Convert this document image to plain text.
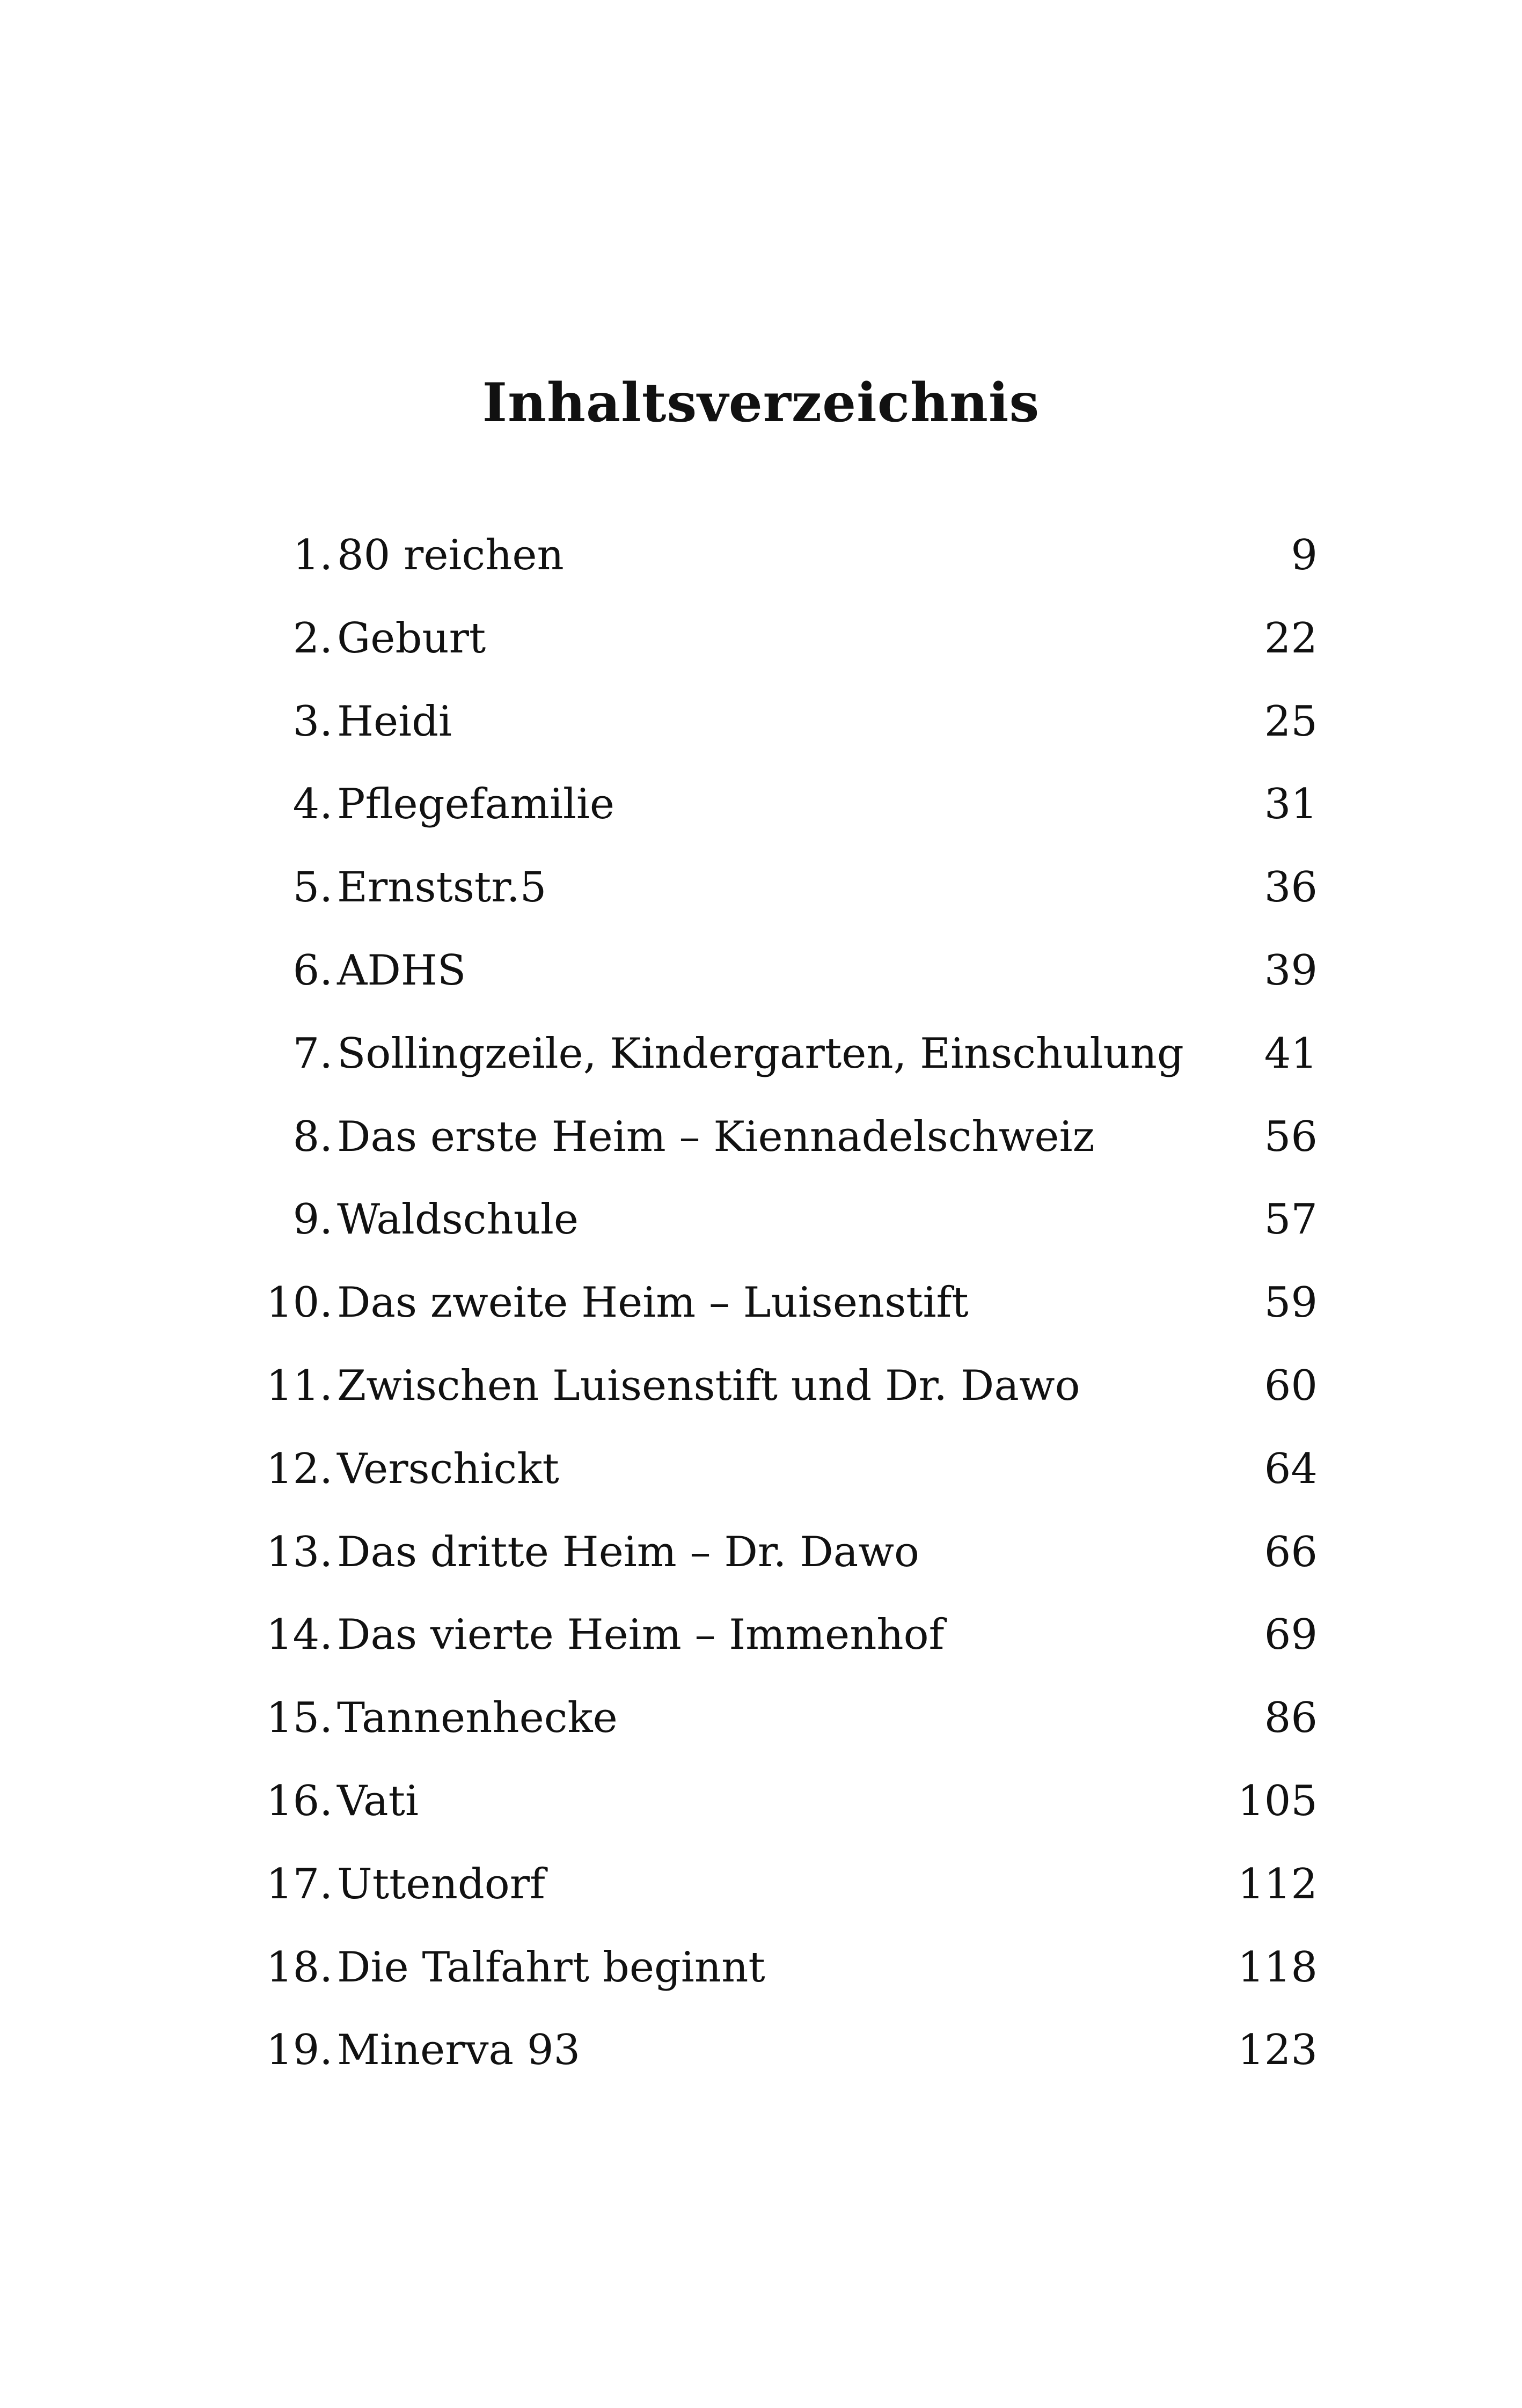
Inhaltsverzeichnis
1. 80 reichen	9
2. Geburt	22
3. Heidi	25
4. Pflegefamilie	31
5. Ernststr.5	36
6. ADHS	39
7. Sollingzeile, Kindergarten, Einschulung 41
8. Das erste Heim – Kiennadelschweiz	56
9. Waldschule	57
10. Das zweite Heim – Luisenstift	59
11. Zwischen Luisenstift und Dr. Dawo	60
12. Verschickt	64
13. Das dritte Heim – Dr. Dawo	66
14. Das vierte Heim – Immenhof	69
15. Tannenhecke	86
16. Vati	105
17. Uttendorf	112
18. Die Talfahrt beginnt	118
19. Minerva 93	123
